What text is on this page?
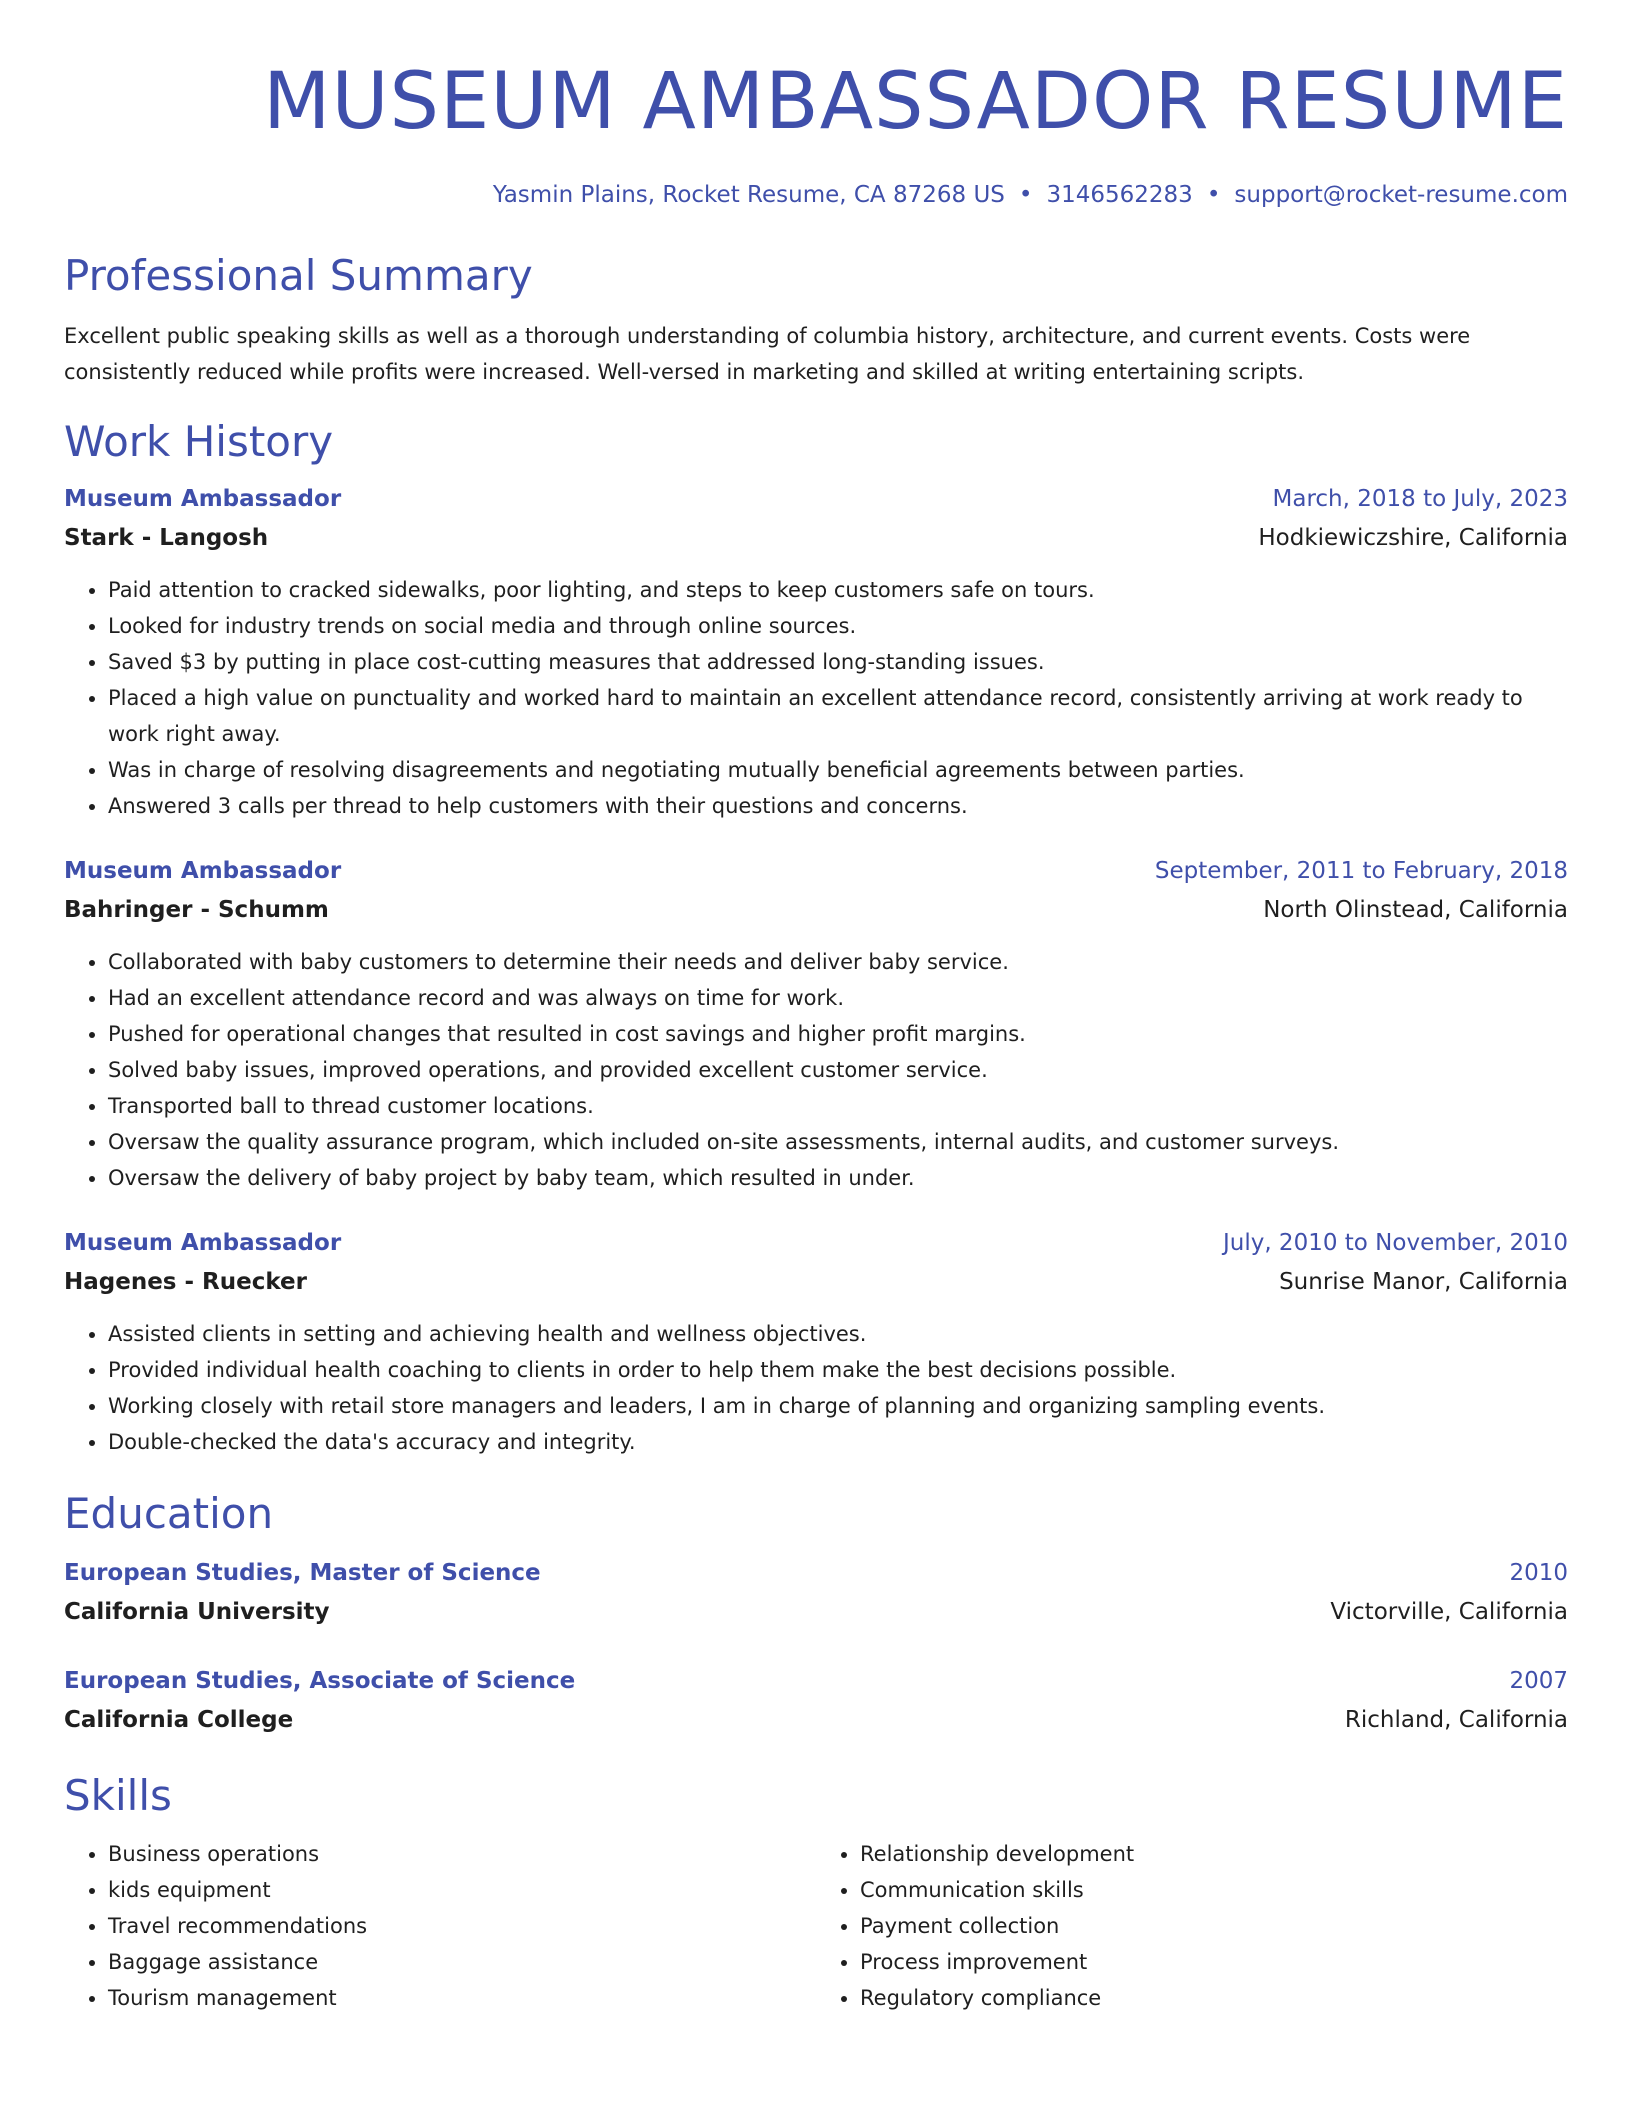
MUSEUM AMBASSADOR RESUME
Yasmin Plains, Rocket Resume, CA 87268 US • 3146562283 • support@rocket-resume.com
Professional Summary
Excellent public speaking skills as well as a thorough understanding of columbia history, architecture, and current events. Costs were consistently reduced while profits were increased. Well-versed in marketing and skilled at writing entertaining scripts.
Work History
Museum Ambassador	March, 2018 to July, 2023
Stark - Langosh	Hodkiewiczshire, California
• Paid attention to cracked sidewalks, poor lighting, and steps to keep customers safe on tours.
• Looked for industry trends on social media and through online sources.
• Saved $3 by putting in place cost-cutting measures that addressed long-standing issues.
• Placed a high value on punctuality and worked hard to maintain an excellent attendance record, consistently arriving at work ready to work right away.
• Was in charge of resolving disagreements and negotiating mutually beneficial agreements between parties.
• Answered 3 calls per thread to help customers with their questions and concerns.
Museum Ambassador	September, 2011 to February, 2018
Bahringer - Schumm	North Olinstead, California
• Collaborated with baby customers to determine their needs and deliver baby service.
• Had an excellent attendance record and was always on time for work.
• Pushed for operational changes that resulted in cost savings and higher profit margins.
• Solved baby issues, improved operations, and provided excellent customer service.
• Transported ball to thread customer locations.
• Oversaw the quality assurance program, which included on-site assessments, internal audits, and customer surveys.
• Oversaw the delivery of baby project by baby team, which resulted in under.
Museum Ambassador	July, 2010 to November, 2010
Hagenes - Ruecker	Sunrise Manor, California
• Assisted clients in setting and achieving health and wellness objectives.
• Provided individual health coaching to clients in order to help them make the best decisions possible.
• Working closely with retail store managers and leaders, I am in charge of planning and organizing sampling events.
• Double-checked the data's accuracy and integrity.
Education
European Studies, Master of Science	2010
California University	Victorville, California
European Studies, Associate of Science	2007
California College	Richland, California
Skills
• Business operations
• kids equipment
• Travel recommendations
• Baggage assistance
• Tourism management
• Relationship development
• Communication skills
• Payment collection
• Process improvement
• Regulatory compliance
